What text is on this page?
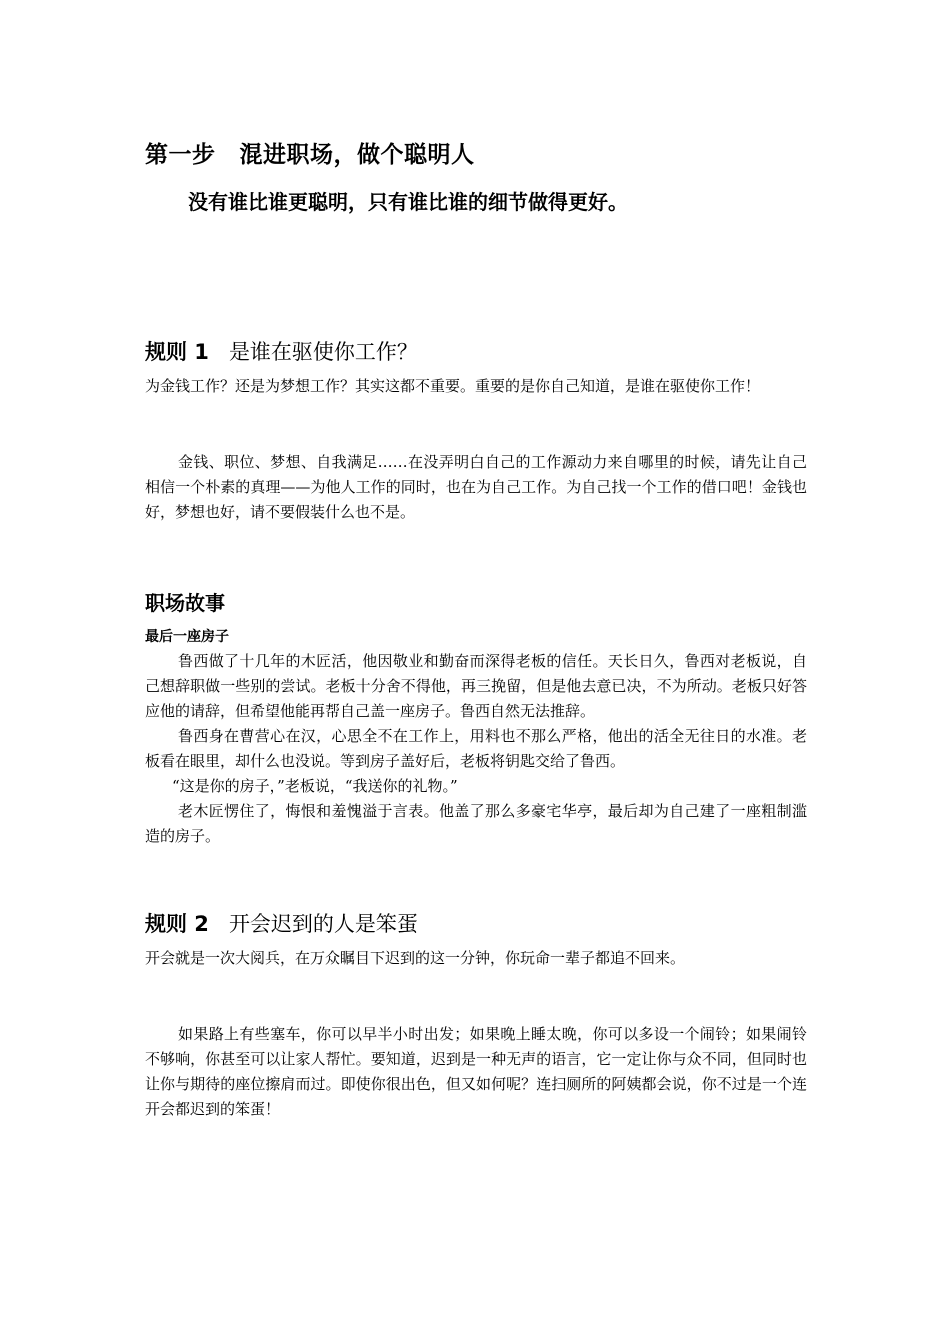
第一步 混进职场，做个聪明人
没有谁比谁更聪明，只有谁比谁的细节做得更好。
规则 1 是谁在驱使你工作？

为金钱工作？还是为梦想工作？其实这都不重要。重要的是你自己知道，是谁在驱使你工作！

金钱、职位、梦想、自我满足……在没弄明白自己的工作源动力来自哪里的时候，请先让自己相信一个朴素的真理——为他人工作的同时，也在为自己工作。为自己找一个工作的借口吧！金钱也好，梦想也好，请不要假装什么也不是。

职场故事
最后一座房子

鲁西做了十几年的木匠活，他因敬业和勤奋而深得老板的信任。天长日久，鲁西对老板说，自己想辞职做一些别的尝试。老板十分舍不得他，再三挽留，但是他去意已决，不为所动。老板只好答应他的请辞，但希望他能再帮自己盖一座房子。鲁西自然无法推辞。

鲁西身在曹营心在汉，心思全不在工作上，用料也不那么严格，他出的活全无往日的水准。老板看在眼里，却什么也没说。等到房子盖好后，老板将钥匙交给了鲁西。

“这是你的房子，”老板说，“我送你的礼物。”

老木匠愣住了，悔恨和羞愧溢于言表。他盖了那么多豪宅华亭，最后却为自己建了一座粗制滥造的房子。

规则 2 开会迟到的人是笨蛋

开会就是一次大阅兵，在万众瞩目下迟到的这一分钟，你玩命一辈子都追不回来。

如果路上有些塞车，你可以早半小时出发；如果晚上睡太晚，你可以多设一个闹铃；如果闹铃不够响，你甚至可以让家人帮忙。要知道，迟到是一种无声的语言，它一定让你与众不同，但同时也让你与期待的座位擦肩而过。即使你很出色，但又如何呢？连扫厕所的阿姨都会说，你不过是一个连开会都迟到的笨蛋！
